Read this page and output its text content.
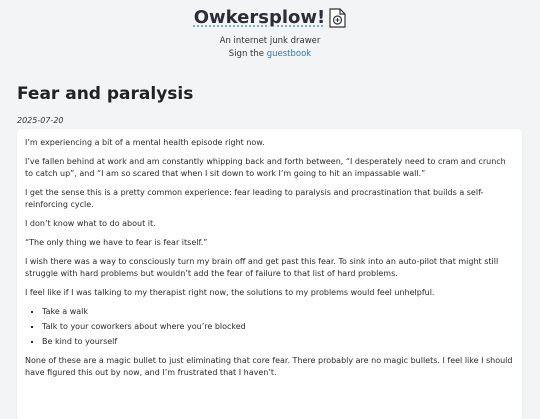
Owkersplow!
An internet junk drawer
Sign the guestbook
Fear and paralysis
2025-07-20

I’m experiencing a bit of a mental health episode right now.

I’ve fallen behind at work and am constantly whipping back and forth between, “I desperately need to cram and crunch to catch up”, and “I am so scared that when I sit down to work I’m going to hit an impassable wall.”

I get the sense this is a pretty common experience: fear leading to paralysis and procrastination that builds a self-reinforcing cycle.

I don’t know what to do about it.

“The only thing we have to fear is fear itself.”

I wish there was a way to consciously turn my brain off and get past this fear. To sink into an auto-pilot that might still struggle with hard problems but wouldn’t add the fear of failure to that list of hard problems.

I feel like if I was talking to my therapist right now, the solutions to my problems would feel unhelpful.

▪ Take a walk
▪ Talk to your coworkers about where you’re blocked
▪ Be kind to yourself

None of these are a magic bullet to just eliminating that core fear. There probably are no magic bullets. I feel like I should have figured this out by now, and I’m frustrated that I haven’t.
